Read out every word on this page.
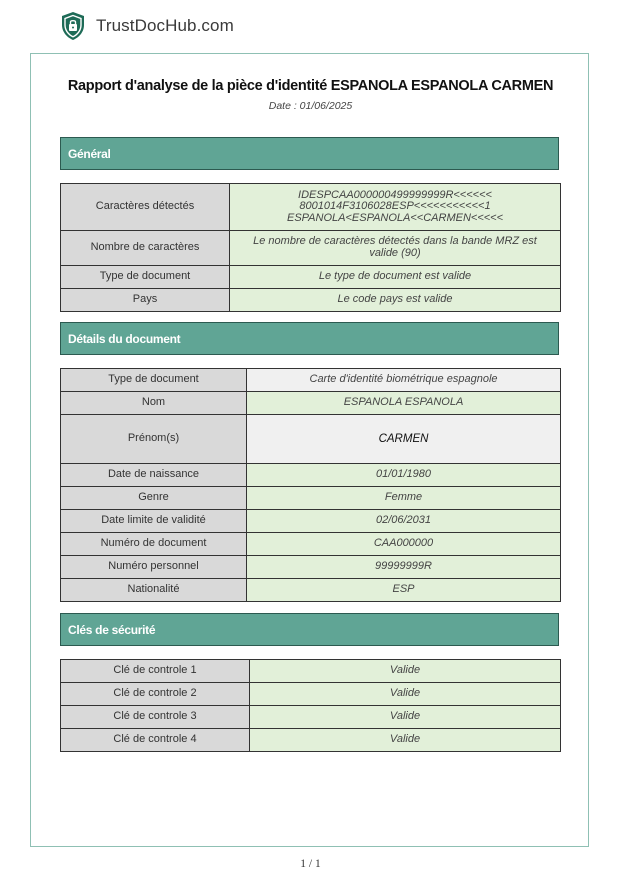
TrustDocHub.com
Rapport d'analyse de la pièce d'identité ESPANOLA ESPANOLA CARMEN
Date : 01/06/2025
Général
Caractères détectés	IDESPCAA000000499999999R<<<<<<
8001014F3106028ESP<<<<<<<<<<<1
ESPANOLA<ESPANOLA<<CARMEN<<<<<

Nombre de caractères	Le nombre de caractères détectés dans la bande MRZ est
valide (90)

Type de document	Le type de document est valide
Pays	Le code pays est valide
Détails du document
Type de document	Carte d'identité biométrique espagnole
Nom	ESPANOLA ESPANOLA
Prénom(s)	CARMEN
Date de naissance	01/01/1980
Genre	Femme
Date limite de validité	02/06/2031
Numéro de document	CAA000000
Numéro personnel	99999999R
Nationalité	ESP
Clés de sécurité
Clé de controle 1	Valide
Clé de controle 2	Valide
Clé de controle 3	Valide
Clé de controle 4	Valide
1 / 1
